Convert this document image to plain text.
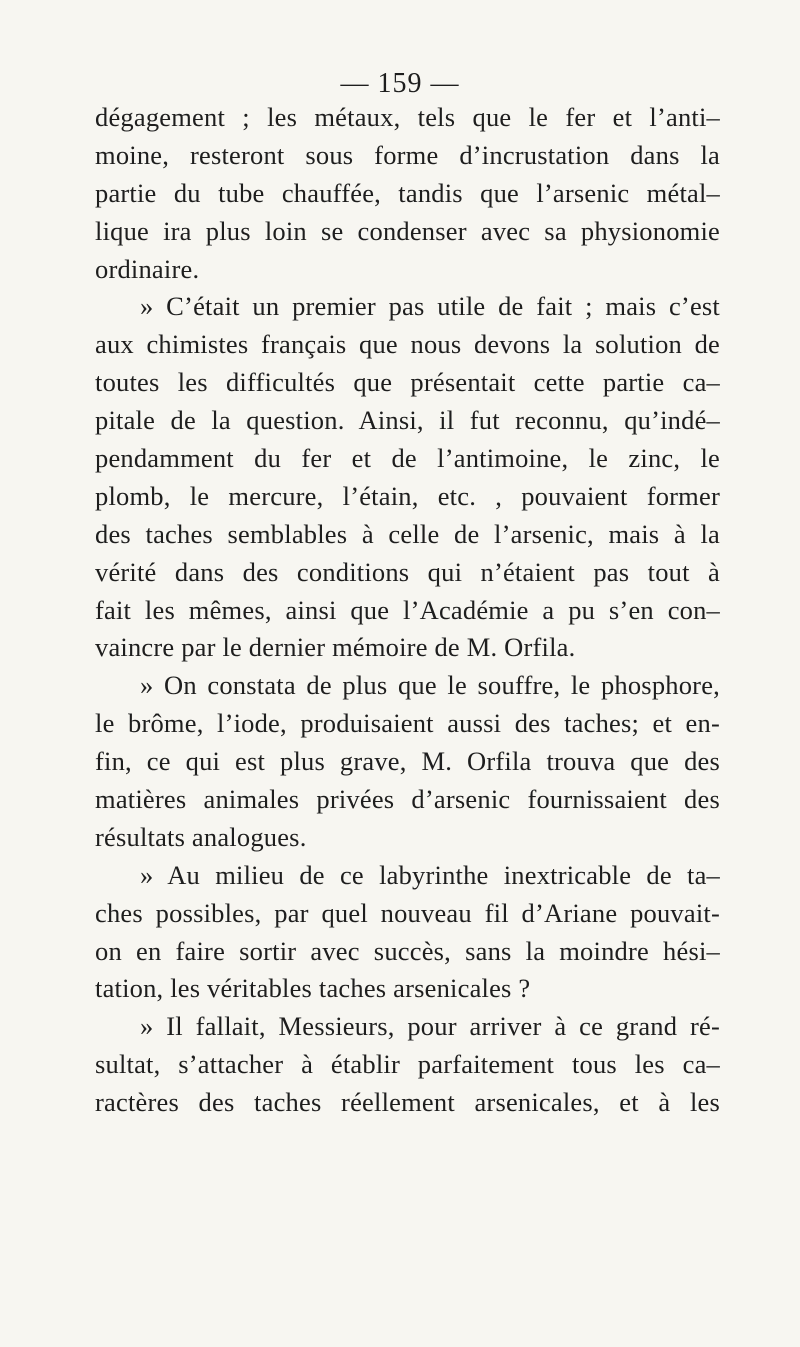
— 159 —
dégagement ; les métaux, tels que le fer et l’anti–
moine, resteront sous forme d’incrustation dans la
partie du tube chauffée, tandis que l’arsenic métal–
lique ira plus loin se condenser avec sa physionomie
ordinaire.
» C’était un premier pas utile de fait ; mais c’est
aux chimistes français que nous devons la solution de
toutes les difficultés que présentait cette partie ca–
pitale de la question. Ainsi, il fut reconnu, qu’indé–
pendamment du fer et de l’antimoine, le zinc, le
plomb, le mercure, l’étain, etc. , pouvaient former
des taches semblables à celle de l’arsenic, mais à la
vérité dans des conditions qui n’étaient pas tout à
fait les mêmes, ainsi que l’Académie a pu s’en con–
vaincre par le dernier mémoire de M. Orfila.
» On constata de plus que le souffre, le phosphore,
le brôme, l’iode, produisaient aussi des taches; et en-
fin, ce qui est plus grave, M. Orfila trouva que des
matières animales privées d’arsenic fournissaient des
résultats analogues.
» Au milieu de ce labyrinthe inextricable de ta–
ches possibles, par quel nouveau fil d’Ariane pouvait-
on en faire sortir avec succès, sans la moindre hési–
tation, les véritables taches arsenicales ?
» Il fallait, Messieurs, pour arriver à ce grand ré-
sultat, s’attacher à établir parfaitement tous les ca–
ractères des taches réellement arsenicales, et à les
